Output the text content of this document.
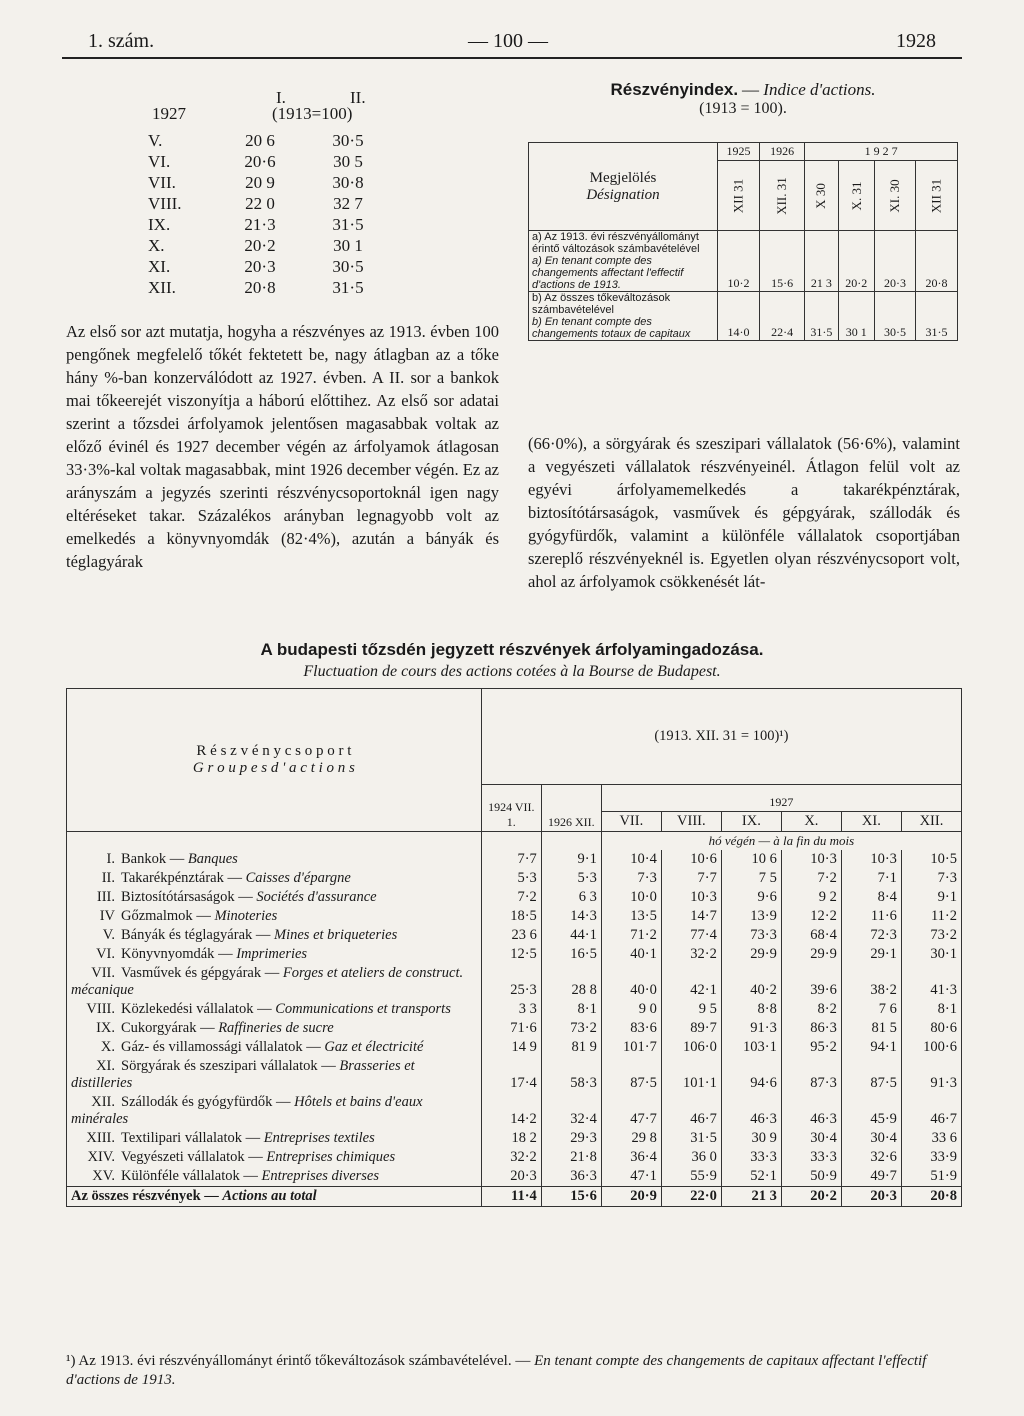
1. szám.	— 100 —	1928
I.	II.
1927	(1913=100)
V.	20 6	30·5
VI.	20·6	30 5
VII.	20 9	30·8
VIII.	22 0	32 7
IX.	21·3	31·5
X.	20·2	30 1
XI.	20·3	30·5
XII.	20·8	31·5
Az első sor azt mutatja, hogyha a részvényes az 1913. évben 100 pengőnek megfelelő tőkét fektetett be, nagy átlagban az a tőke hány %-ban konzerválódott az 1927. évben. A II. sor a bankok mai tőkeerejét viszonyítja a háború előttihez. Az első sor adatai szerint a tőzsdei árfolyamok jelentősen magasabbak voltak az előző évinél és 1927 december végén az árfolyamok átlagosan 33·3%-kal voltak magasabbak, mint 1926 december végén. Ez az arányszám a jegyzés szerinti részvénycsoportoknál igen nagy eltéréseket takar. Százalékos arányban legnagyobb volt az emelkedés a könyvnyomdák (82·4%), azután a bányák és téglagyárak
Részvényindex. — Indice d'actions.
(1913 = 100).
Megjelölés
Désignation	1925	1926	1 9 2 7			

	XII 31	XII. 31	X 30	X. 31	XI. 30	XII 31

a) Az 1913. évi részvényállományt érintő változások számbavételével
a) En tenant compte des changements affectant l'effectif d'actions de 1913.	10·2	15·6	21 3	20·2	20·3	20·8

b) Az összes tőkeváltozások számbavételével
b) En tenant compte des changements totaux de capitaux	14·0	22·4	31·5	30 1	30·5	31·5
(66·0%), a sörgyárak és szeszipari vállalatok (56·6%), valamint a vegyészeti vállalatok részvényeinél. Átlagon felül volt az egyévi árfolyamemelkedés a takarékpénztárak, biztosítótársaságok, vasművek és gépgyárak, szállodák és gyógyfürdők, valamint a különféle vállalatok csoportjában szereplő részvényeknél is. Egyetlen olyan részvénycsoport volt, ahol az árfolyamok csökkenését lát-
A budapesti tőzsdén jegyzett részvények árfolyamingadozása.
Fluctuation de cours des actions cotées à la Bourse de Budapest.
R é s z v é n y c s o p o r t
G r o u p e s d ' a c t i o n s	(1913. XII. 31 = 100)¹)							
	1924 VII. 1.	1926 XII.	1927					
			VII.	VIII.	IX.	X.	XI.	XII.
			hó végén — à la fin du mois					
I. Bankok — Banques	7·7	9·1	10·4	10·6	10 6	10·3	10·3	10·5
II. Takarékpénztárak — Caisses d'épargne	5·3	5·3	7·3	7·7	7 5	7·2	7·1	7·3
III. Biztosítótársaságok — Sociétés d'assurance	7·2	6 3	10·0	10·3	9·6	9 2	8·4	9·1
IV Gőzmalmok — Minoteries	18·5	14·3	13·5	14·7	13·9	12·2	11·6	11·2
V. Bányák és téglagyárak — Mines et briqueteries	23 6	44·1	71·2	77·4	73·3	68·4	72·3	73·2
VI. Könyvnyomdák — Imprimeries	12·5	16·5	40·1	32·2	29·9	29·9	29·1	30·1
VII. Vasművek és gépgyárak — Forges et ateliers de construct. mécanique	25·3	28 8	40·0	42·1	40·2	39·6	38·2	41·3
VIII. Közlekedési vállalatok — Communications et transports	3 3	8·1	9 0	9 5	8·8	8·2	7 6	8·1
IX. Cukorgyárak — Raffineries de sucre	71·6	73·2	83·6	89·7	91·3	86·3	81 5	80·6
X. Gáz- és villamossági vállalatok — Gaz et électricité	14 9	81 9	101·7	106·0	103·1	95·2	94·1	100·6
XI. Sörgyárak és szeszipari vállalatok — Brasseries et distilleries	17·4	58·3	87·5	101·1	94·6	87·3	87·5	91·3
XII. Szállodák és gyógyfürdők — Hôtels et bains d'eaux minérales	14·2	32·4	47·7	46·7	46·3	46·3	45·9	46·7
XIII. Textilipari vállalatok — Entreprises textiles	18 2	29·3	29 8	31·5	30 9	30·4	30·4	33 6
XIV. Vegyészeti vállalatok — Entreprises chimiques	32·2	21·8	36·4	36 0	33·3	33·3	32·6	33·9
XV. Különféle vállalatok — Entreprises diverses	20·3	36·3	47·1	55·9	52·1	50·9	49·7	51·9
Az összes részvények — Actions au total	11·4	15·6	20·9	22·0	21 3	20·2	20·3	20·8
¹) Az 1913. évi részvényállományt érintő tőkeváltozások számbavételével. — En tenant compte des changements de capitaux affectant l'effectif d'actions de 1913.
